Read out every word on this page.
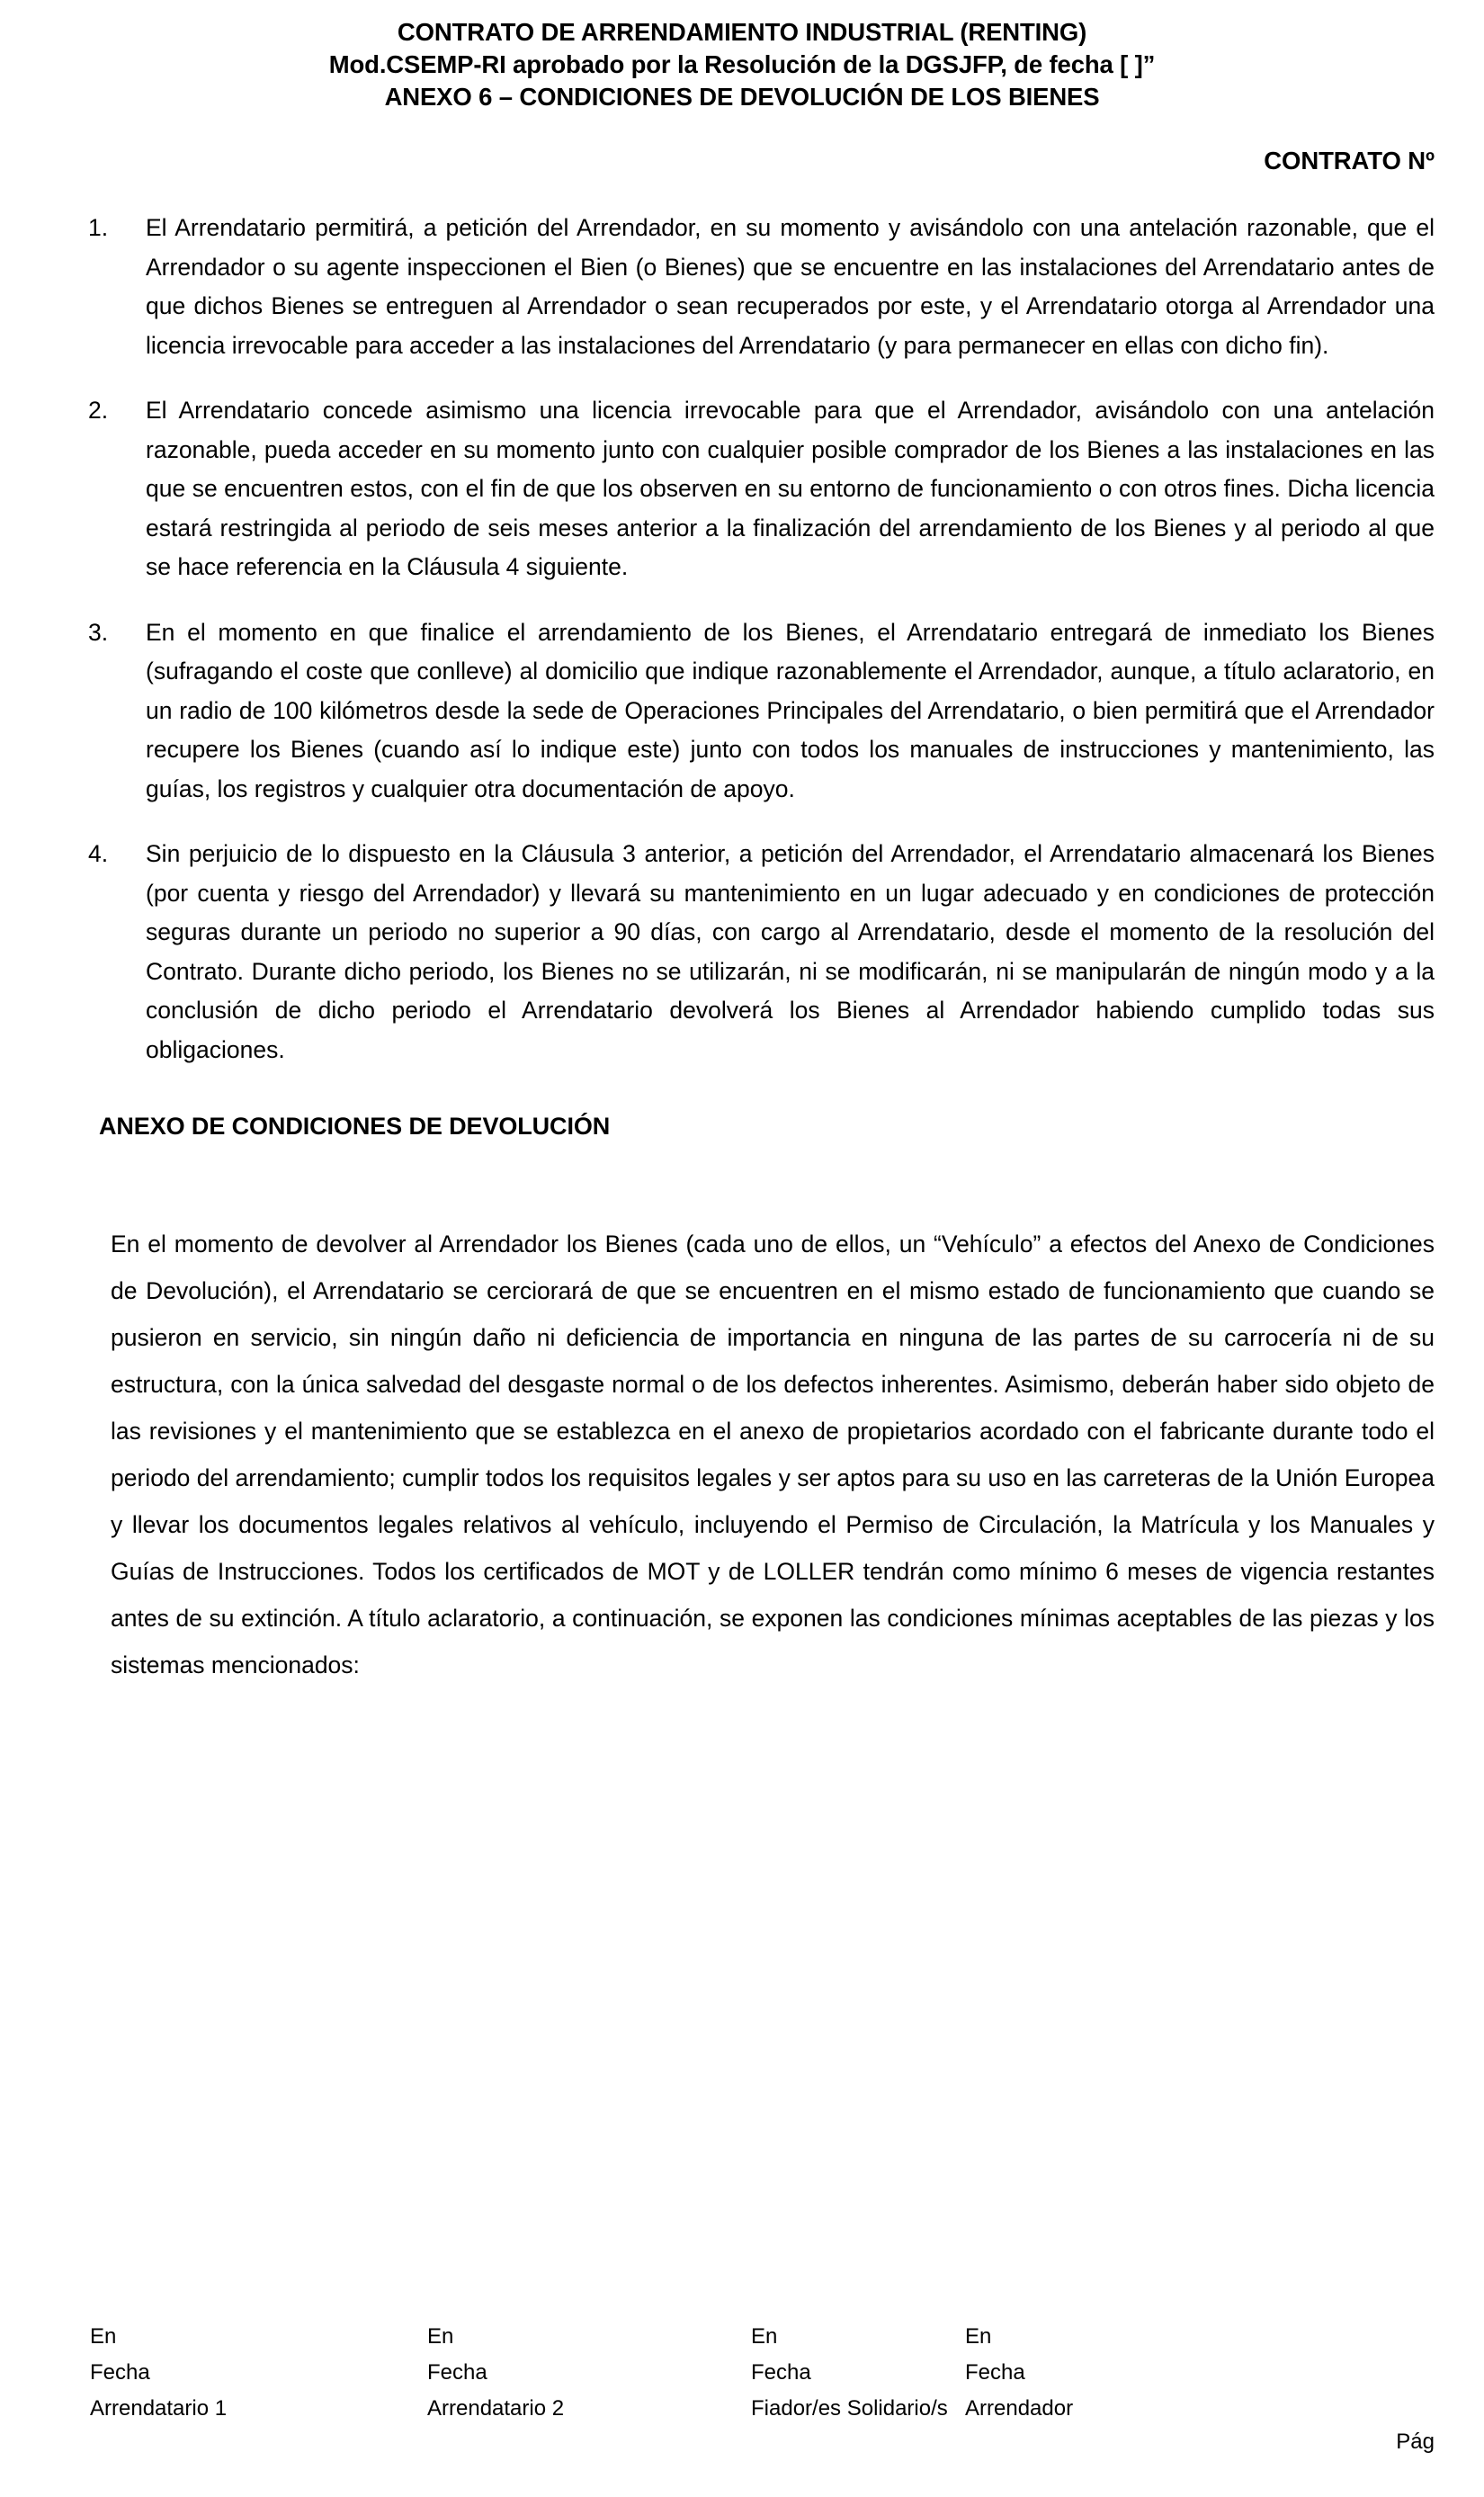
CONTRATO DE ARRENDAMIENTO INDUSTRIAL (RENTING)
Mod.CSEMP-RI aprobado por la Resolución de la DGSJFP, de fecha [ ]”
ANEXO 6 – CONDICIONES DE DEVOLUCIÓN DE LOS BIENES
CONTRATO Nº
1.	El Arrendatario permitirá, a petición del Arrendador, en su momento y avisándolo con una antelación razonable, que el Arrendador o su agente inspeccionen el Bien (o Bienes) que se encuentre en las instalaciones del Arrendatario antes de que dichos Bienes se entreguen al Arrendador o sean recuperados por este, y el Arrendatario otorga al Arrendador una licencia irrevocable para acceder a las instalaciones del Arrendatario (y para permanecer en ellas con dicho fin).
2.	El Arrendatario concede asimismo una licencia irrevocable para que el Arrendador, avisándolo con una antelación razonable, pueda acceder en su momento junto con cualquier posible comprador de los Bienes a las instalaciones en las que se encuentren estos, con el fin de que los observen en su entorno de funcionamiento o con otros fines. Dicha licencia estará restringida al periodo de seis meses anterior a la finalización del arrendamiento de los Bienes y al periodo al que se hace referencia en la Cláusula 4 siguiente.
3.	En el momento en que finalice el arrendamiento de los Bienes, el Arrendatario entregará de inmediato los Bienes (sufragando el coste que conlleve) al domicilio que indique razonablemente el Arrendador, aunque, a título aclaratorio, en un radio de 100 kilómetros desde la sede de Operaciones Principales del Arrendatario, o bien permitirá que el Arrendador recupere los Bienes (cuando así lo indique este) junto con todos los manuales de instrucciones y mantenimiento, las guías, los registros y cualquier otra documentación de apoyo.
4.	Sin perjuicio de lo dispuesto en la Cláusula 3 anterior, a petición del Arrendador, el Arrendatario almacenará los Bienes (por cuenta y riesgo del Arrendador) y llevará su mantenimiento en un lugar adecuado y en condiciones de protección seguras durante un periodo no superior a 90 días, con cargo al Arrendatario, desde el momento de la resolución del Contrato. Durante dicho periodo, los Bienes no se utilizarán, ni se modificarán, ni se manipularán de ningún modo y a la conclusión de dicho periodo el Arrendatario devolverá los Bienes al Arrendador habiendo cumplido todas sus obligaciones.
ANEXO DE CONDICIONES DE DEVOLUCIÓN
En el momento de devolver al Arrendador los Bienes (cada uno de ellos, un “Vehículo” a efectos del Anexo de Condiciones de Devolución), el Arrendatario se cerciorará de que se encuentren en el mismo estado de funcionamiento que cuando se pusieron en servicio, sin ningún daño ni deficiencia de importancia en ninguna de las partes de su carrocería ni de su estructura, con la única salvedad del desgaste normal o de los defectos inherentes. Asimismo, deberán haber sido objeto de las revisiones y el mantenimiento que se establezca en el anexo de propietarios acordado con el fabricante durante todo el periodo del arrendamiento; cumplir todos los requisitos legales y ser aptos para su uso en las carreteras de la Unión Europea y llevar los documentos legales relativos al vehículo, incluyendo el Permiso de Circulación, la Matrícula y los Manuales y Guías de Instrucciones. Todos los certificados de MOT y de LOLLER tendrán como mínimo 6 meses de vigencia restantes antes de su extinción. A título aclaratorio, a continuación, se exponen las condiciones mínimas aceptables de las piezas y los sistemas mencionados:
En
Fecha
Arrendatario 1
En
Fecha
Arrendatario 2
En
Fecha
Fiador/es Solidario/s
En
Fecha
Arrendador
Pág
